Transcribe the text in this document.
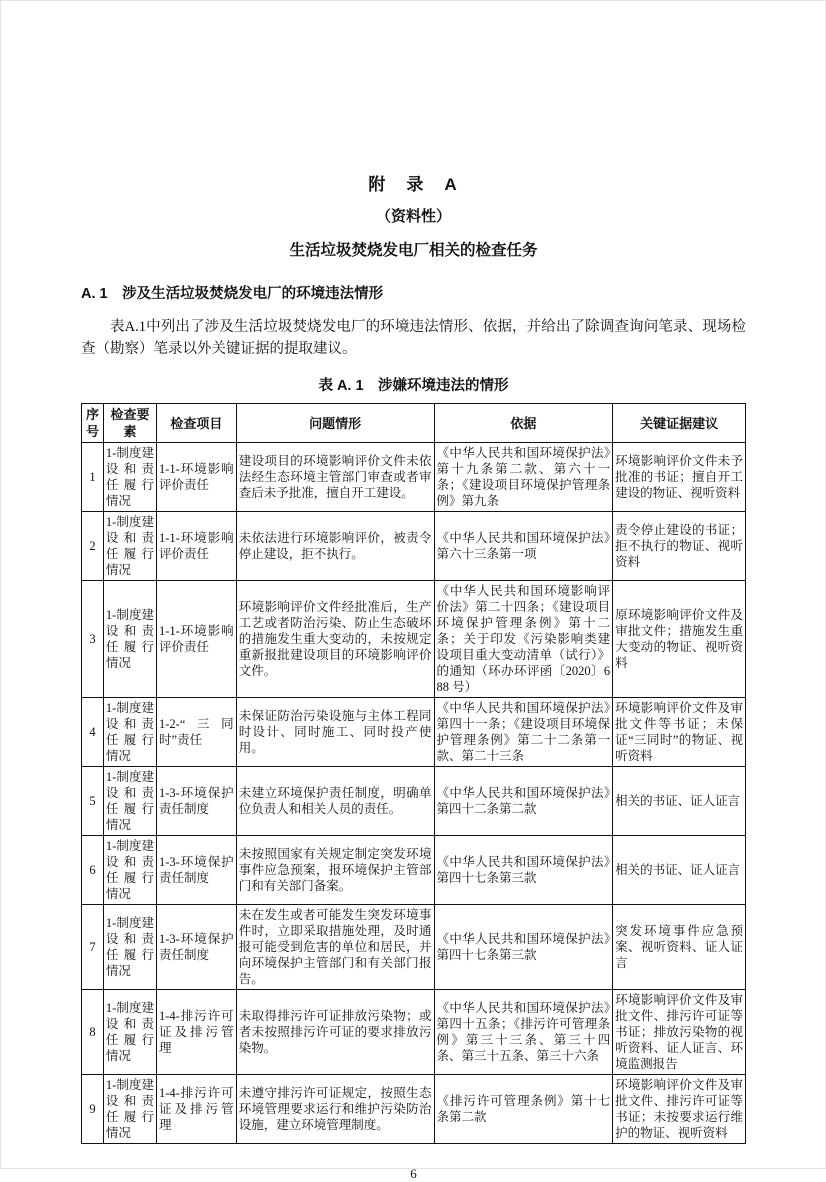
附　录　A
（资料性）
生活垃圾焚烧发电厂相关的检查任务
A. 1　涉及生活垃圾焚烧发电厂的环境违法情形

表A.1中列出了涉及生活垃圾焚烧发电厂的环境违法情形、依据，并给出了除调查询问笔录、现场检查（勘察）笔录以外关键证据的提取建议。

表 A. 1　涉嫌环境违法的情形
序号	检查要素	检查项目	问题情形	依据	关键证据建议
1	1-制度建设和责任履行情况	1-1-环境影响评价责任	建设项目的环境影响评价文件未依法经生态环境主管部门审查或者审查后未予批准，擅自开工建设。	《中华人民共和国环境保护法》第十九条第二款、第六十一条；《建设项目环境保护管理条例》第九条	环境影响评价文件未予批准的书证；擅自开工建设的物证、视听资料
2	1-制度建设和责任履行情况	1-1-环境影响评价责任	未依法进行环境影响评价，被责令停止建设，拒不执行。	《中华人民共和国环境保护法》第六十三条第一项	责令停止建设的书证；拒不执行的物证、视听资料
3	1-制度建设和责任履行情况	1-1-环境影响评价责任	环境影响评价文件经批准后，生产工艺或者防治污染、防止生态破坏的措施发生重大变动的，未按规定重新报批建设项目的环境影响评价文件。	《中华人民共和国环境影响评价法》第二十四条；《建设项目环境保护管理条例》第十二条；关于印发《污染影响类建设项目重大变动清单（试行）》的通知（环办环评函〔2020〕688 号）	原环境影响评价文件及审批文件；措施发生重大变动的物证、视听资料
4	1-制度建设和责任履行情况	1-2-“三同时”责任	未保证防治污染设施与主体工程同时设计、同时施工、同时投产使用。	《中华人民共和国环境保护法》第四十一条；《建设项目环境保护管理条例》第二十二条第一款、第二十三条	环境影响评价文件及审批文件等书证；未保证“三同时”的物证、视听资料
5	1-制度建设和责任履行情况	1-3-环境保护责任制度	未建立环境保护责任制度，明确单位负责人和相关人员的责任。	《中华人民共和国环境保护法》第四十二条第二款	相关的书证、证人证言
6	1-制度建设和责任履行情况	1-3-环境保护责任制度	未按照国家有关规定制定突发环境事件应急预案，报环境保护主管部门和有关部门备案。	《中华人民共和国环境保护法》第四十七条第三款	相关的书证、证人证言
7	1-制度建设和责任履行情况	1-3-环境保护责任制度	未在发生或者可能发生突发环境事件时，立即采取措施处理，及时通报可能受到危害的单位和居民，并向环境保护主管部门和有关部门报告。	《中华人民共和国环境保护法》第四十七条第三款	突发环境事件应急预案、视听资料、证人证言
8	1-制度建设和责任履行情况	1-4-排污许可证及排污管理	未取得排污许可证排放污染物；或者未按照排污许可证的要求排放污染物。	《中华人民共和国环境保护法》第四十五条；《排污许可管理条例》第三十三条、第三十四条、第三十五条、第三十六条	环境影响评价文件及审批文件、排污许可证等书证；排放污染物的视听资料、证人证言、环境监测报告
9	1-制度建设和责任履行情况	1-4-排污许可证及排污管理	未遵守排污许可证规定，按照生态环境管理要求运行和维护污染防治设施，建立环境管理制度。	《排污许可管理条例》第十七条第二款	环境影响评价文件及审批文件、排污许可证等书证；未按要求运行维护的物证、视听资料
6
